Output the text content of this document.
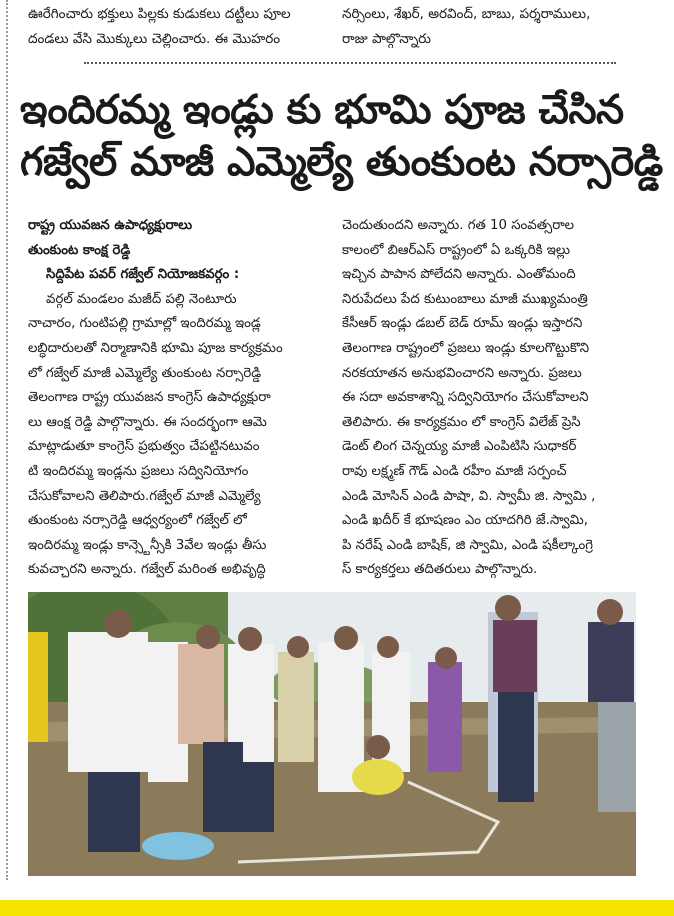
ఊరేగించారు భక్తులు పిల్లకు కుడుకలు దట్టీలు పూల
దండలు వేసి మొక్కులు చెల్లించారు. ఈ మొహరం
నర్సింలు, శేఖర్, అరవింద్, బాబు, పర్శరాములు,
రాజు పాల్గొన్నారు
ఇందిరమ్మ ఇండ్లు కు భూమి పూజ చేసిన
గజ్వేల్ మాజీ ఎమ్మెల్యే తుంకుంట నర్సారెడ్డి
రాష్ట్ర యువజన ఉపాధ్యక్షురాలు
తుంకుంట కాంక్ష రెడ్డి
సిద్దిపేట పవర్ గజ్వేల్ నియోజకవర్గం :
వర్గల్ మండలం మజీద్ పల్లి నెంటూరు
నాచారం, గుంటిపల్లి గ్రామాల్లో ఇందిరమ్మ ఇండ్ల
లబ్ధిదారులతో నిర్మాణానికి భూమి పూజ కార్యక్రమం
లో గజ్వేల్ మాజీ ఎమ్మెల్యే తుంకుంట నర్సారెడ్డి
తెలంగాణ రాష్ట్ర యువజన కాంగ్రెస్ ఉపాధ్యక్షురా
లు ఆంక్ష రెడ్డి పాల్గొన్నారు. ఈ సందర్భంగా ఆమె
మాట్లాడుతూ కాంగ్రెస్ ప్రభుత్వం చేపట్టినటువం
టి ఇందిరమ్మ ఇండ్లను ప్రజలు సద్వినియోగం
చేసుకోవాలని తెలిపారు.గజ్వేల్ మాజీ ఎమ్మెల్యే
తుంకుంట నర్సారెడ్డి ఆధ్వర్యంలో గజ్వేల్ లో
ఇందిరమ్మ ఇండ్లు కాన్స్టెన్సీకి 3వేల ఇండ్లు తీసు
కువచ్చారని అన్నారు. గజ్వేల్ మరింత అభివృద్ధి
చెందుతుందని అన్నారు. గత 10 సంవత్సరాల
కాలంలో బిఆర్ఎస్ రాష్ట్రంలో ఏ ఒక్కరికి ఇల్లు
ఇచ్చిన పాపాన పోలేదని అన్నారు. ఎంతోమంది
నిరుపేదలు పేద కుటుంబాలు మాజీ ముఖ్యమంత్రి
కేసీఆర్ ఇండ్లు డబల్ బెడ్ రూమ్ ఇండ్లు ఇస్తారని
తెలంగాణ రాష్ట్రంలో ప్రజలు ఇండ్లు కూలగొట్టుకొని
నరకయాతన అనుభవించారని అన్నారు. ప్రజలు
ఈ సదా అవకాశాన్ని సద్వినియోగం చేసుకోవాలని
తెలిపారు. ఈ కార్యక్రమం లో కాంగ్రెస్ విలేజ్ ప్రెసి
డెంట్ లింగ చెన్నయ్య మాజీ ఎంపిటిసి సుధాకర్
రావు లక్ష్మణ్ గౌడ్ ఎండి రహీం మాజీ సర్పంచ్
ఎండి మోసిన్ ఎండి పాషా, వి. స్వామీ జి. స్వామి ,
ఎండి ఖదీర్ కే భూషణం ఎం యాదగిరి జే.స్వామి,
పి నరేష్ ఎండి బాషిక్, జి స్వామి, ఎండి షకీల్కాంగ్రె
స్ కార్యకర్తలు తదితరులు పాల్గొన్నారు.
